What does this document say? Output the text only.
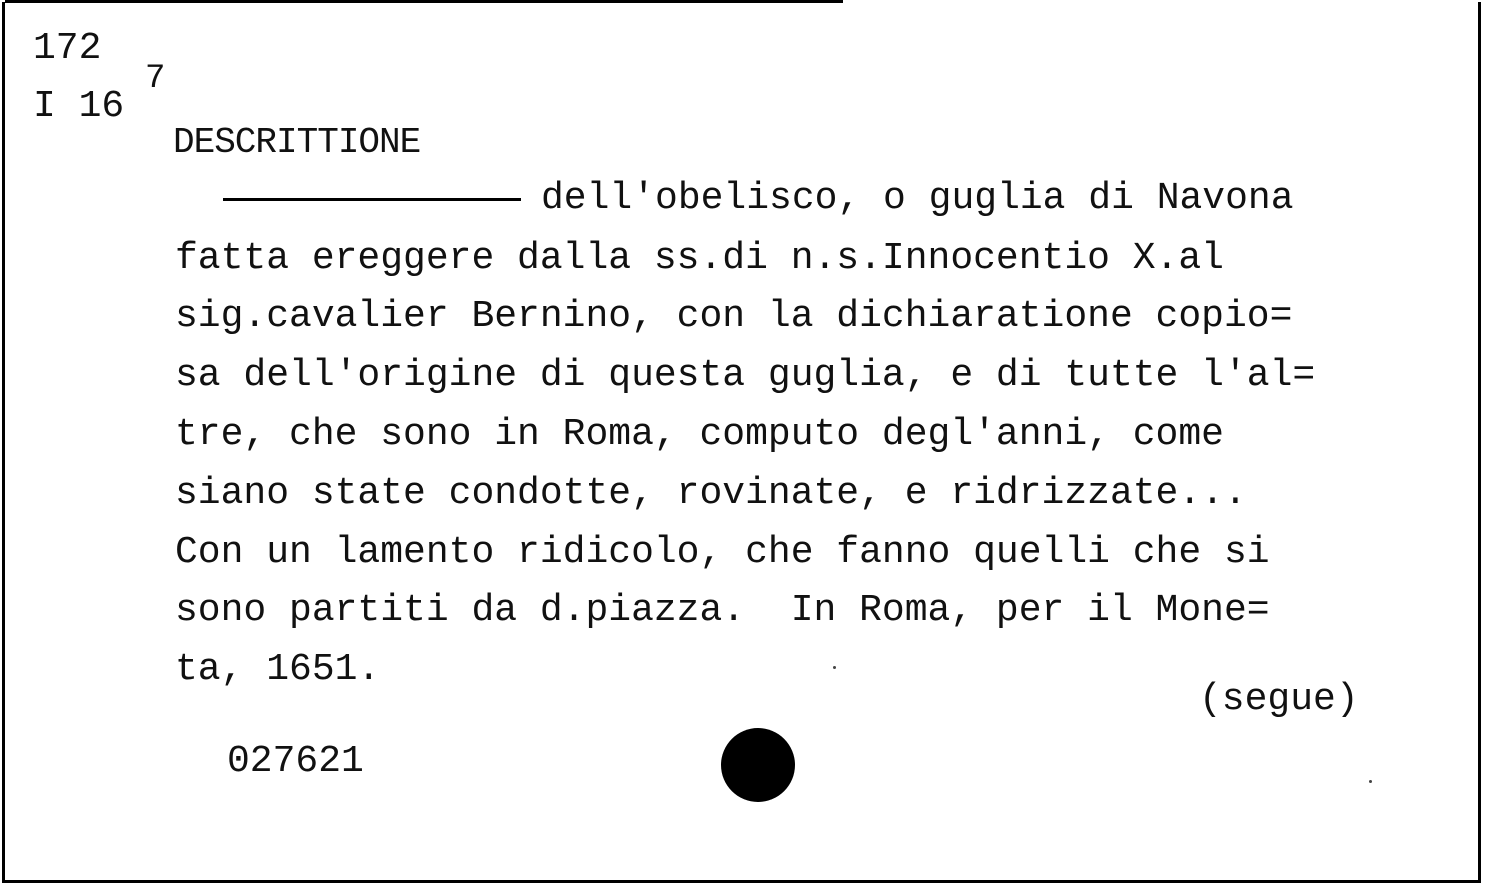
172
I 16
7
DESCRITTIONE
dell'obelisco, o guglia di Navona
fatta ereggere dalla ss.di n.s.Innocentio X.al
sig.cavalier Bernino, con la dichiaratione copio=
sa dell'origine di questa guglia, e di tutte l'al=
tre, che sono in Roma, computo degl'anni, come
siano state condotte, rovinate, e ridrizzate...
Con un lamento ridicolo, che fanno quelli che si
sono partiti da d.piazza.  In Roma, per il Mone=
ta, 1651.
(segue)
027621
